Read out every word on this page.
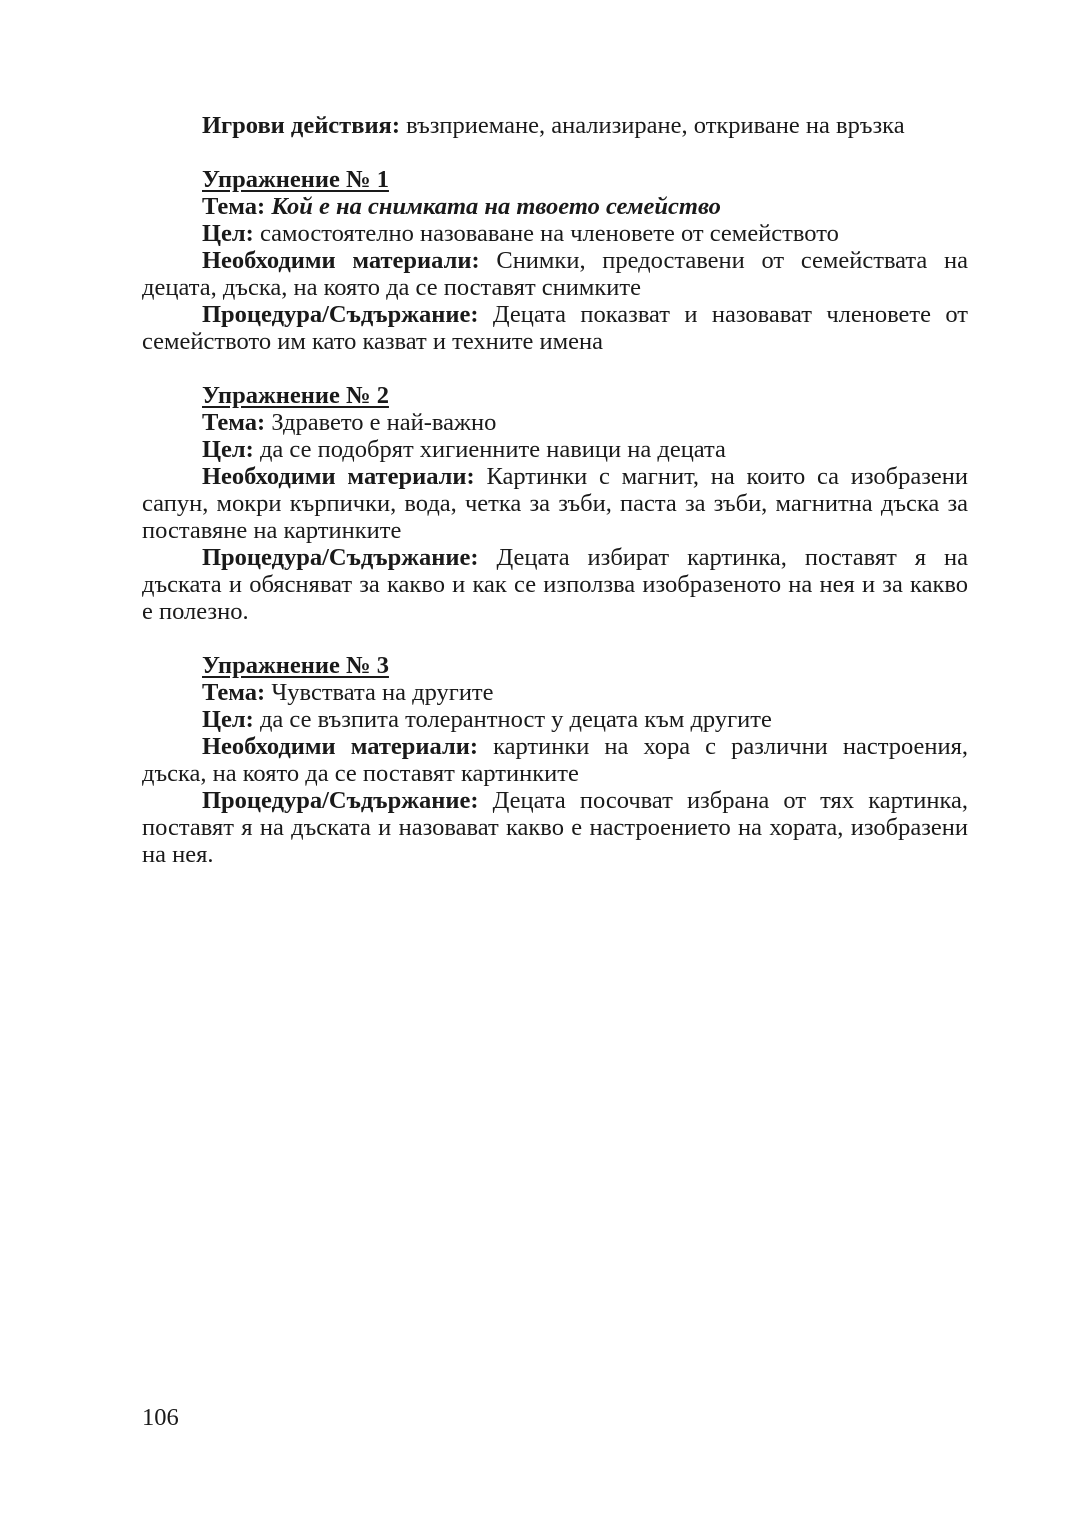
Игрови действия: възприемане, анализиране, откриване на връзка

Упражнение № 1

Тема: Кой е на снимката на твоето семейство

Цел: самостоятелно назоваване на членовете от семейството

Необходими материали: Снимки, предоставени от семействата на децата, дъска, на която да се поставят снимките

Процедура/Съдържание: Децата показват и назовават членовете от семейството им като казват и техните имена

Упражнение № 2

Тема: Здравето е най-важно

Цел: да се подобрят хигиенните навици на децата

Необходими материали: Картинки с магнит, на които са изобразени сапун, мокри кърпички, вода, четка за зъби, паста за зъби, магнитна дъска за поставяне на картинките

Процедура/Съдържание: Децата избират картинка, поставят я на дъската и обясняват за какво и как се използва изобразеното на нея и за какво е полезно.

Упражнение № 3

Тема: Чувствата на другите

Цел: да се възпита толерантност у децата към другите

Необходими материали: картинки на хора с различни настроения, дъска, на която да се поставят картинките

Процедура/Съдържание: Децата посочват избрана от тях картинка, поставят я на дъската и назовават какво е настроението на хората, изобразени на нея.

106
